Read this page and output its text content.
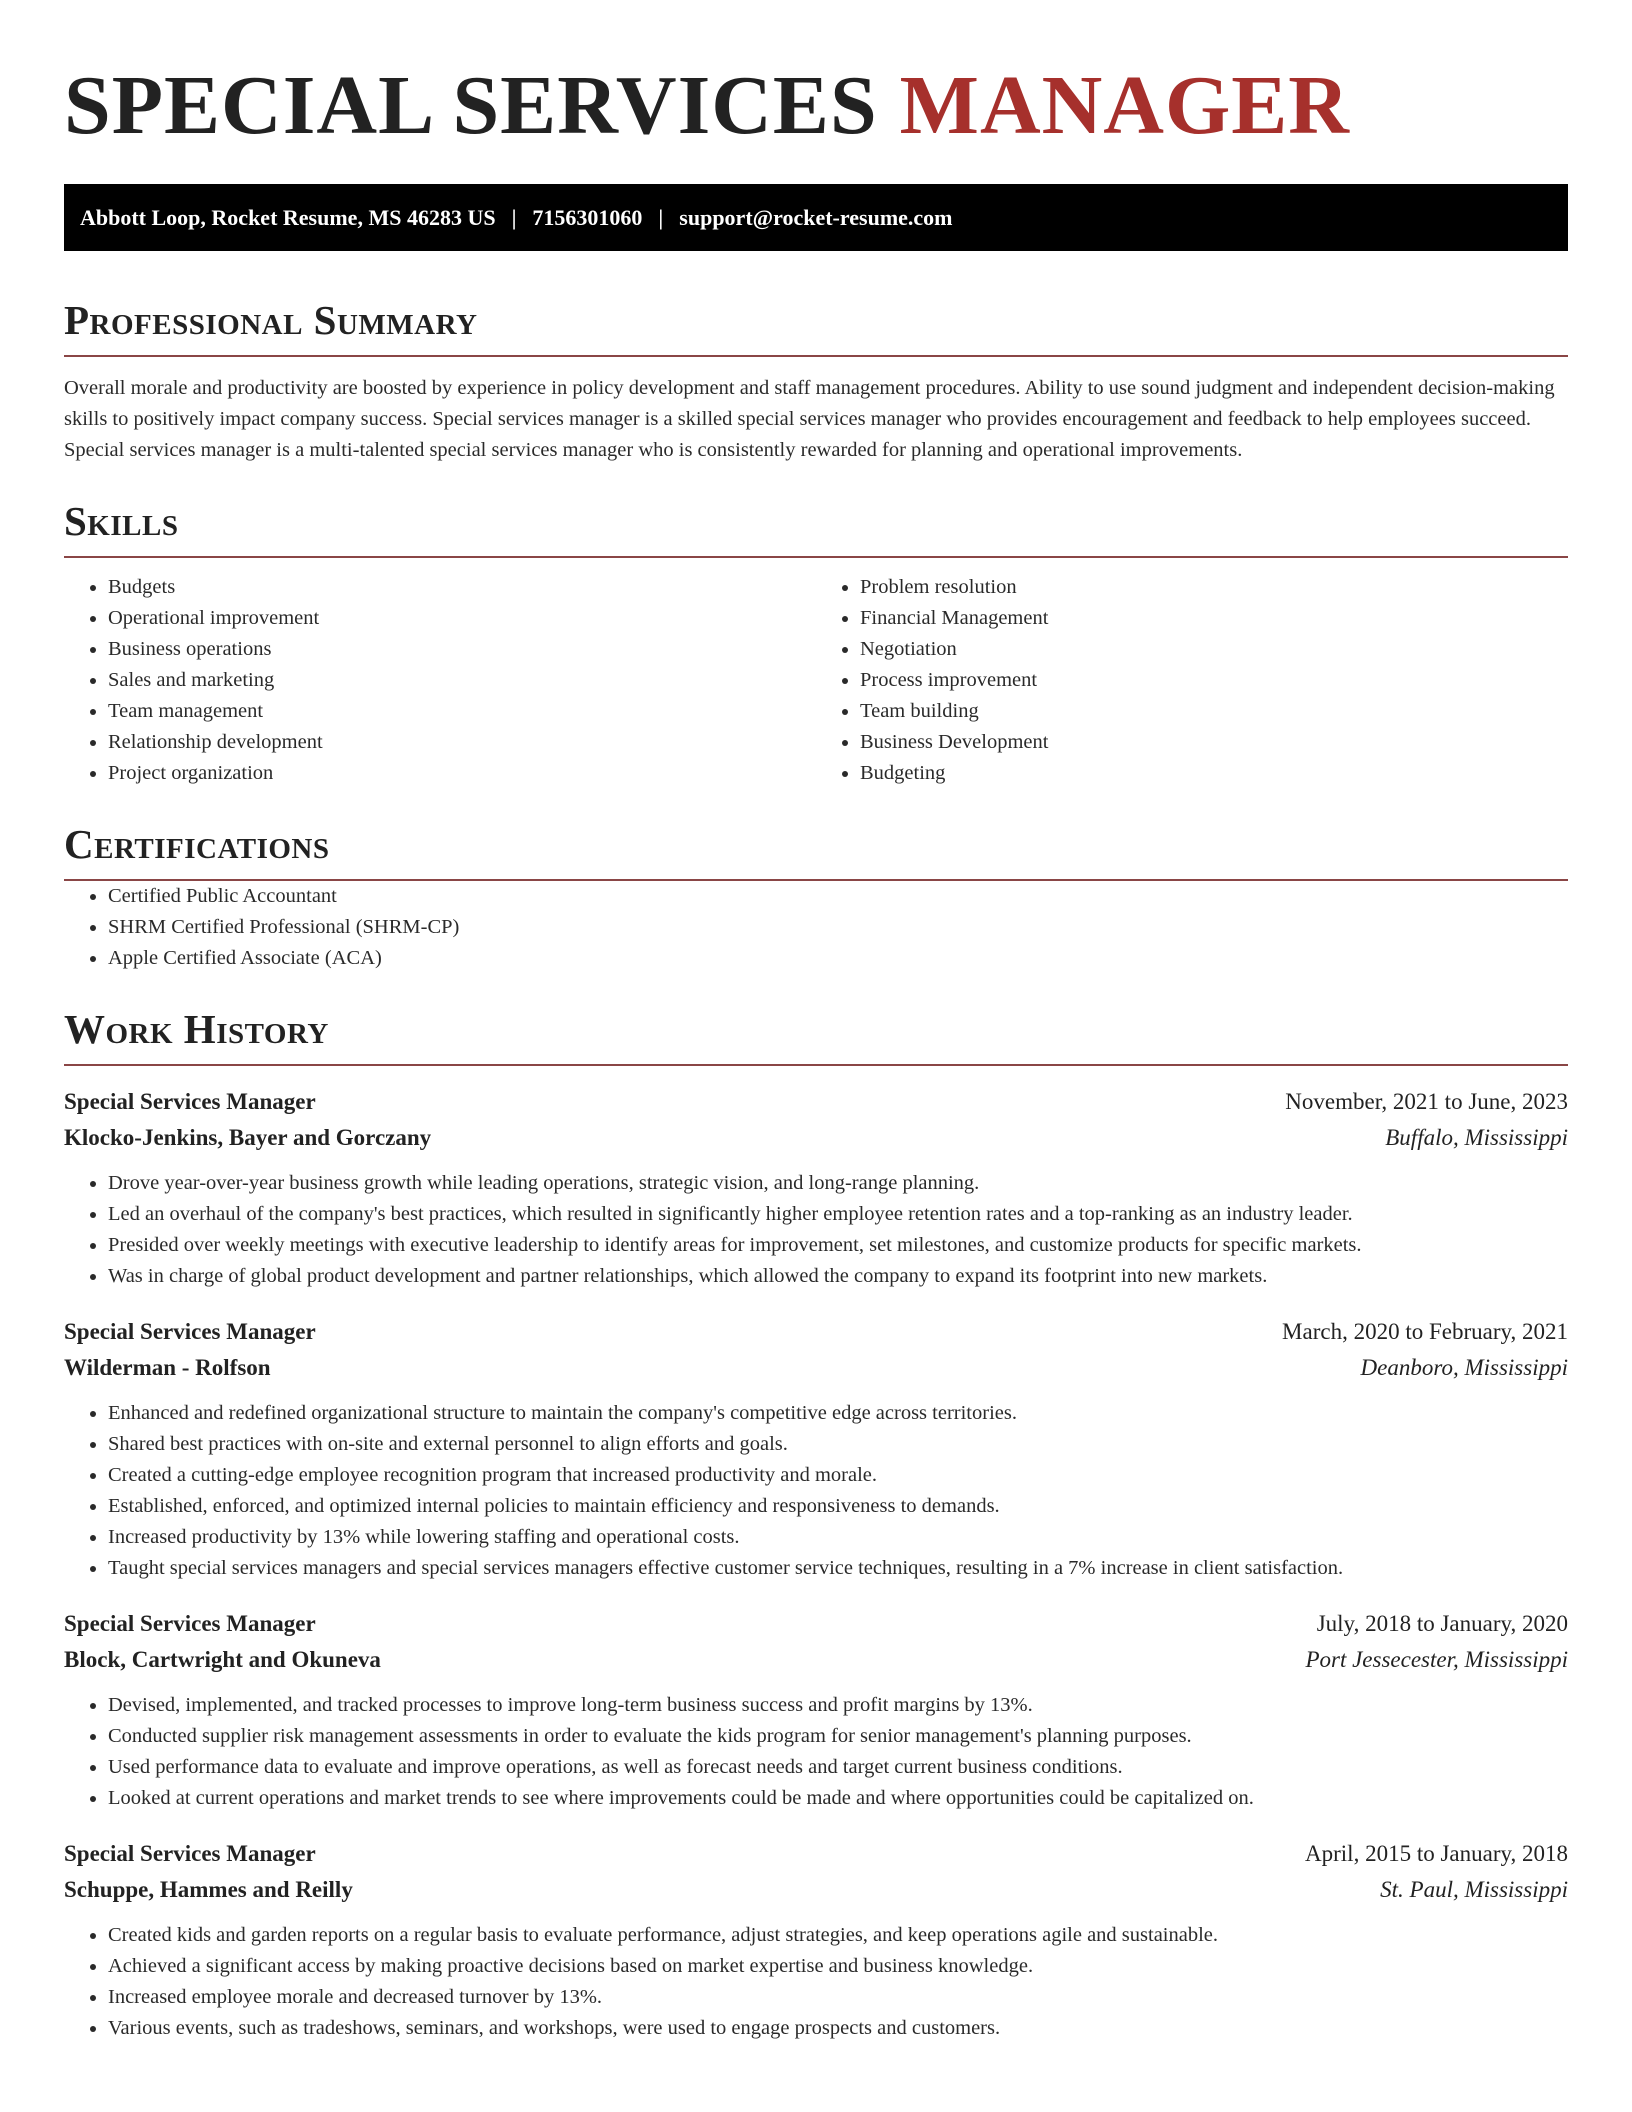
SPECIAL SERVICES MANAGER
Abbott Loop, Rocket Resume, MS 46283 US | 7156301060 | support@rocket-resume.com
Professional Summary

Overall morale and productivity are boosted by experience in policy development and staff management procedures. Ability to use sound judgment and independent decision-making skills to positively impact company success. Special services manager is a skilled special services manager who provides encouragement and feedback to help employees succeed. Special services manager is a multi-talented special services manager who is consistently rewarded for planning and operational improvements.

Skills
• Budgets
• Operational improvement
• Business operations
• Sales and marketing
• Team management
• Relationship development
• Project organization
• Problem resolution
• Financial Management
• Negotiation
• Process improvement
• Team building
• Business Development
• Budgeting
Certifications
• Certified Public Accountant
• SHRM Certified Professional (SHRM-CP)
• Apple Certified Associate (ACA)
Work History
Special Services Manager	November, 2021 to June, 2023
Klocko-Jenkins, Bayer and Gorczany	Buffalo, Mississippi
• Drove year-over-year business growth while leading operations, strategic vision, and long-range planning.
• Led an overhaul of the company's best practices, which resulted in significantly higher employee retention rates and a top-ranking as an industry leader.
• Presided over weekly meetings with executive leadership to identify areas for improvement, set milestones, and customize products for specific markets.
• Was in charge of global product development and partner relationships, which allowed the company to expand its footprint into new markets.
Special Services Manager	March, 2020 to February, 2021
Wilderman - Rolfson	Deanboro, Mississippi
• Enhanced and redefined organizational structure to maintain the company's competitive edge across territories.
• Shared best practices with on-site and external personnel to align efforts and goals.
• Created a cutting-edge employee recognition program that increased productivity and morale.
• Established, enforced, and optimized internal policies to maintain efficiency and responsiveness to demands.
• Increased productivity by 13% while lowering staffing and operational costs.
• Taught special services managers and special services managers effective customer service techniques, resulting in a 7% increase in client satisfaction.
Special Services Manager	July, 2018 to January, 2020
Block, Cartwright and Okuneva	Port Jessecester, Mississippi
• Devised, implemented, and tracked processes to improve long-term business success and profit margins by 13%.
• Conducted supplier risk management assessments in order to evaluate the kids program for senior management's planning purposes.
• Used performance data to evaluate and improve operations, as well as forecast needs and target current business conditions.
• Looked at current operations and market trends to see where improvements could be made and where opportunities could be capitalized on.
Special Services Manager	April, 2015 to January, 2018
Schuppe, Hammes and Reilly	St. Paul, Mississippi
• Created kids and garden reports on a regular basis to evaluate performance, adjust strategies, and keep operations agile and sustainable.
• Achieved a significant access by making proactive decisions based on market expertise and business knowledge.
• Increased employee morale and decreased turnover by 13%.
• Various events, such as tradeshows, seminars, and workshops, were used to engage prospects and customers.
